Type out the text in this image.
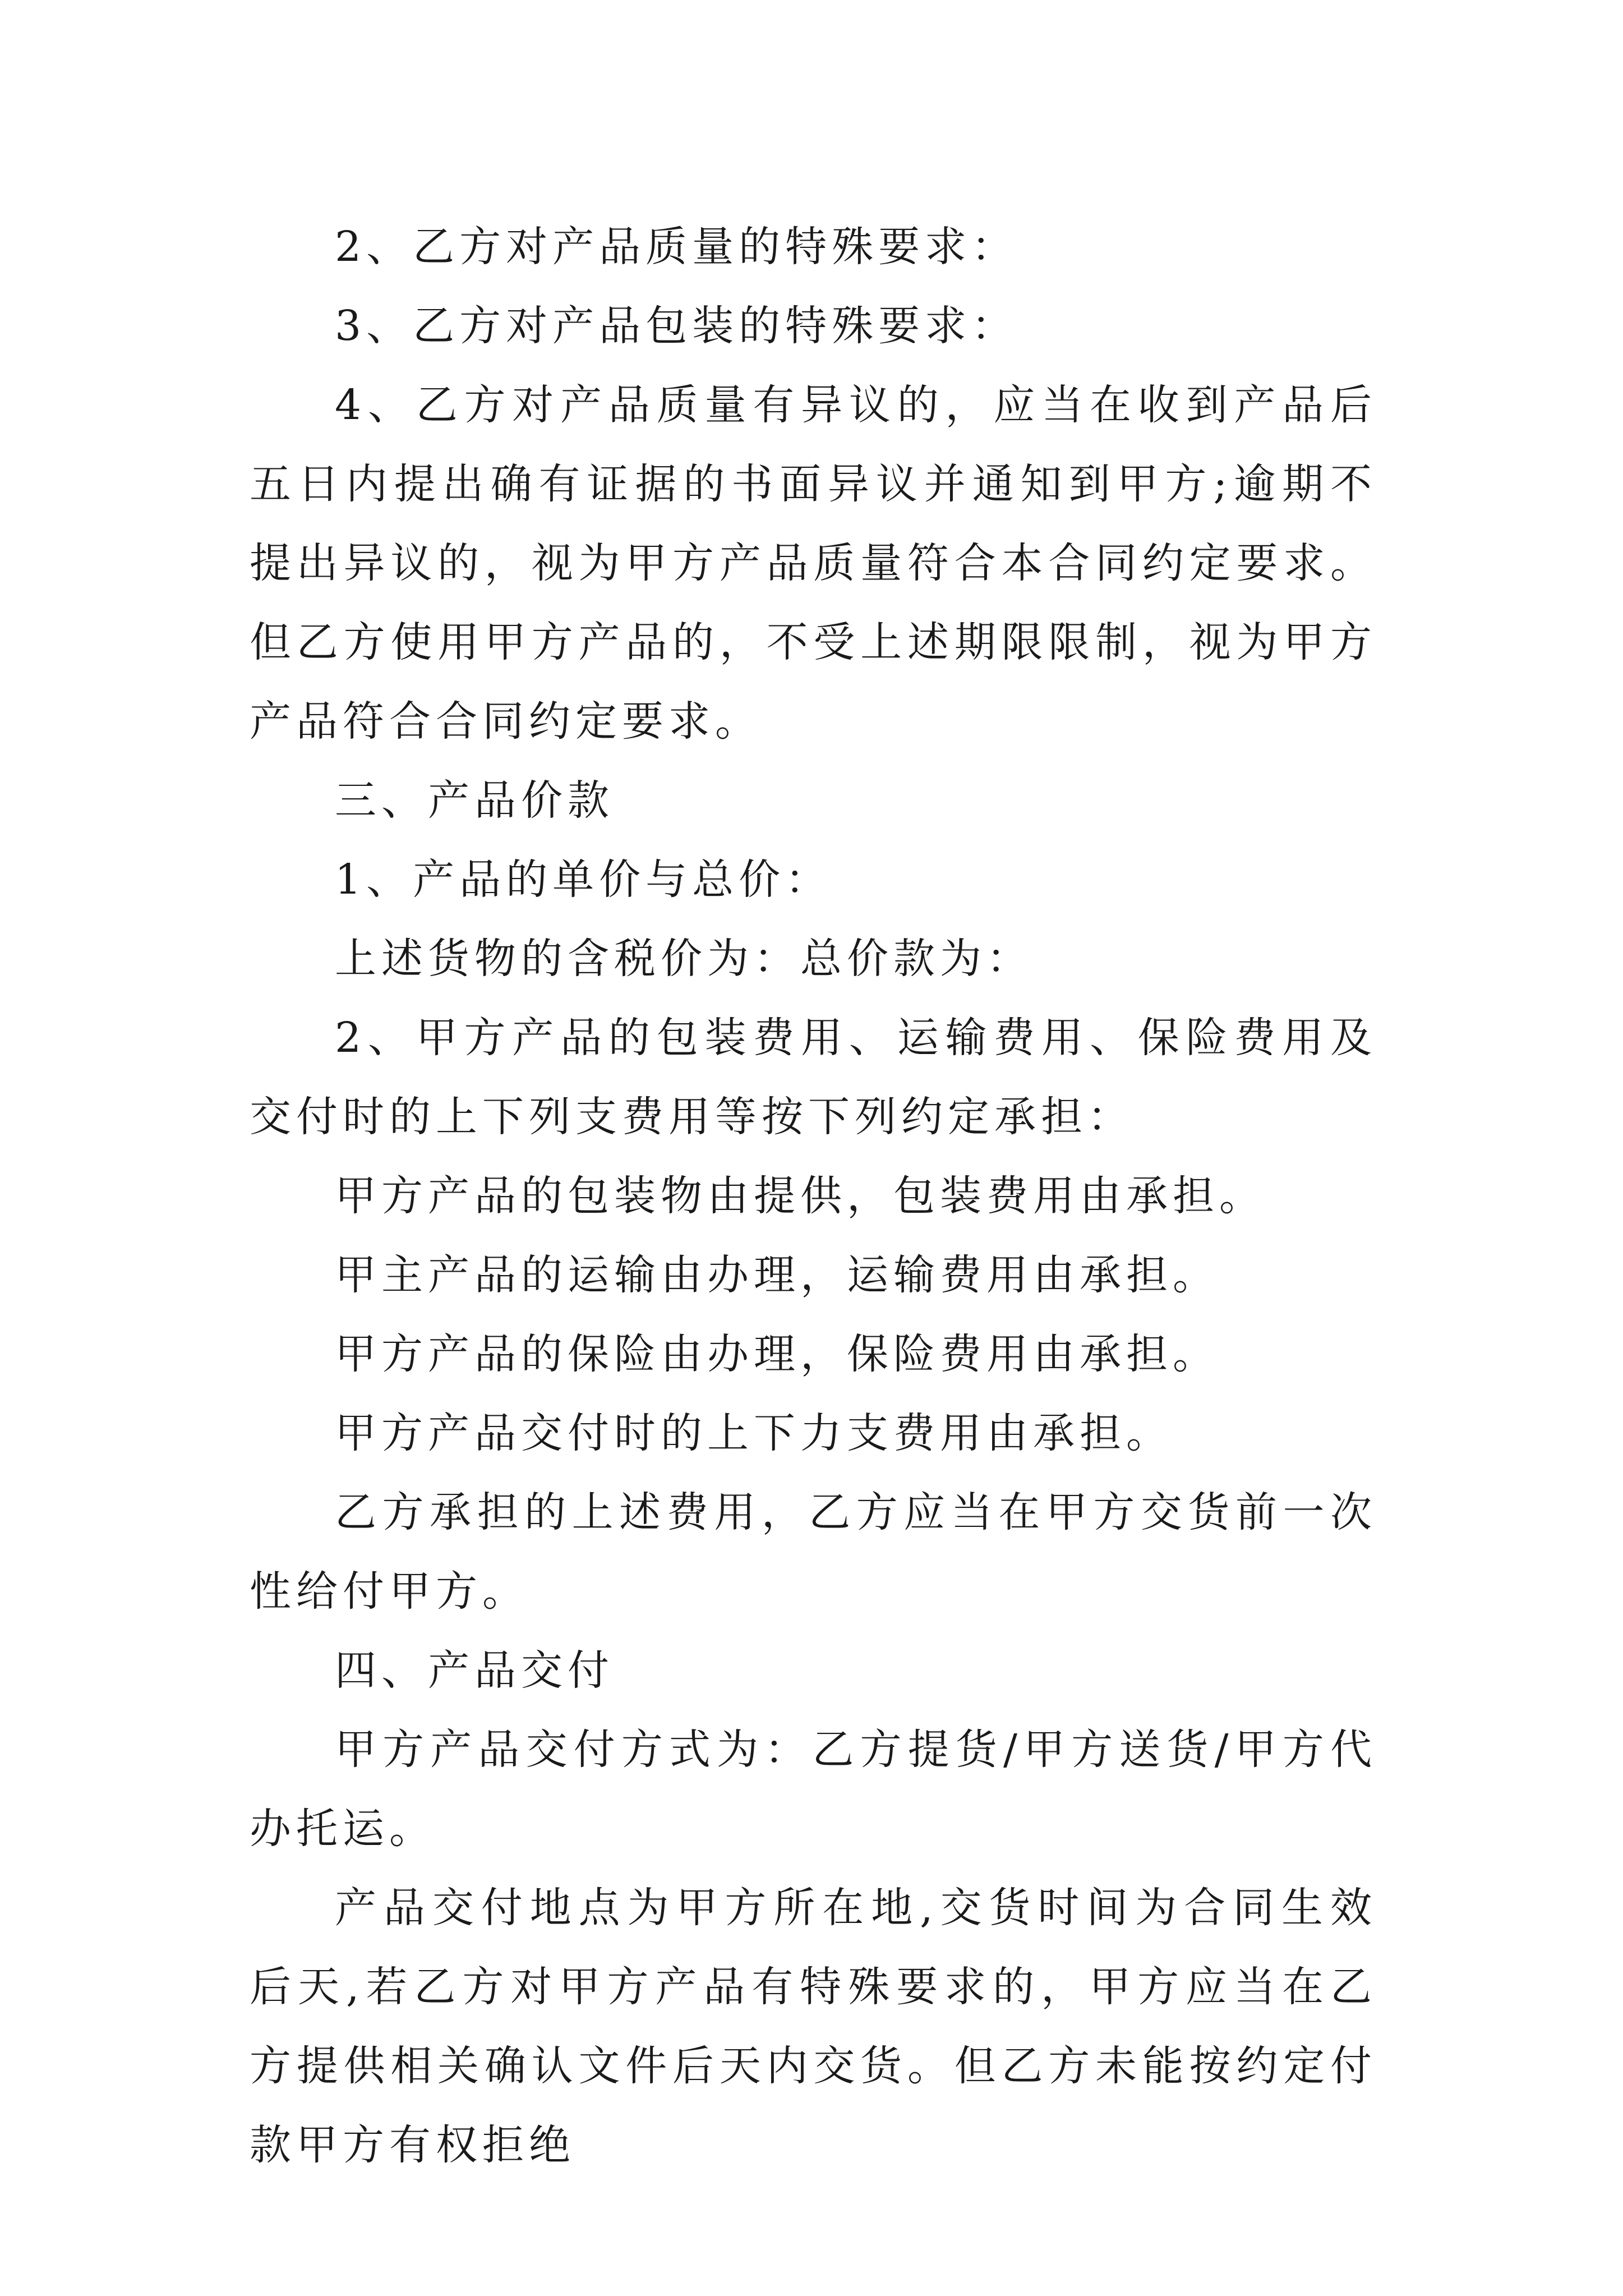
2、乙方对产品质量的特殊要求：

3、乙方对产品包装的特殊要求：

4、乙方对产品质量有异议的，应当在收到产品后五日内提出确有证据的书面异议并通知到甲方;逾期不提出异议的，视为甲方产品质量符合本合同约定要求。但乙方使用甲方产品的，不受上述期限限制，视为甲方产品符合合同约定要求。

三、产品价款

1、产品的单价与总价：

上述货物的含税价为：总价款为：

2、甲方产品的包装费用、运输费用、保险费用及交付时的上下列支费用等按下列约定承担：

甲方产品的包装物由提供，包装费用由承担。

甲主产品的运输由办理，运输费用由承担。

甲方产品的保险由办理，保险费用由承担。

甲方产品交付时的上下力支费用由承担。

乙方承担的上述费用，乙方应当在甲方交货前一次性给付甲方。

四、产品交付

甲方产品交付方式为：乙方提货/甲方送货/甲方代办托运。

产品交付地点为甲方所在地,交货时间为合同生效后天,若乙方对甲方产品有特殊要求的，甲方应当在乙方提供相关确认文件后天内交货。但乙方未能按约定付款甲方有权拒绝
